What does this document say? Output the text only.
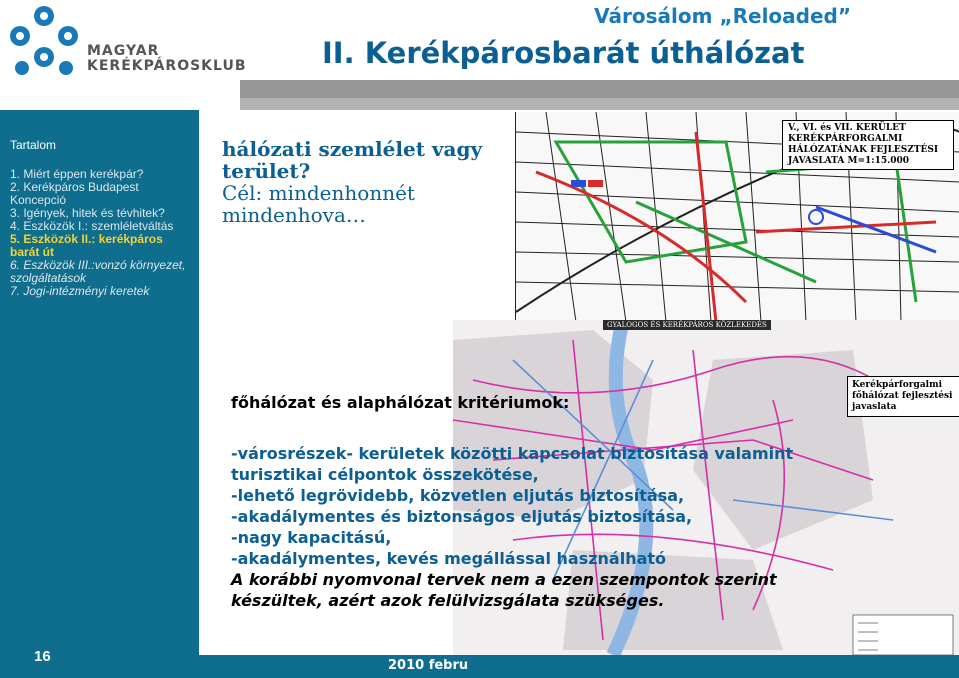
MAGYAR
KERÉKPÁROSKLUB
Városálom „Reloaded”
II. Kerékpárosbarát úthálózat
Tartalom
1. Miért éppen kerékpár?
2. Kerékpáros Budapest Koncepció
3. Igények, hitek és tévhitek?
4. Eszközök I.: szemléletváltás
5. Eszközök II.: kerékpáros barát út
6. Eszközök III.:vonzó környezet, szolgáltatások
7. Jogi-intézményi keretek
16
2010 febru
hálózati szemlélet vagy terület?
Cél: mindenhonnét mindenhova…
V., VI. és VII. KERÜLET KERÉKPÁRFORGALMI HÁLÓZATÁNAK FEJLESZTÉSI JAVASLATA M=1:15.000
GYALOGOS ÉS KERÉKPÁROS KÖZLEKEDÉS
Kerékpárforgalmi főhálózat fejlesztési javaslata
főhálózat és alaphálózat kritériumok:
-városrészek- kerületek közötti kapcsolat biztosítása valamint
turisztikai célpontok összekötése,
-lehető legrövidebb, közvetlen eljutás biztosítása,
-akadálymentes és biztonságos eljutás biztosítása,
-nagy kapacitású,
-akadálymentes, kevés megállással használható
A korábbi nyomvonal tervek nem a ezen szempontok szerint
készültek, azért azok felülvizsgálata szükséges.
